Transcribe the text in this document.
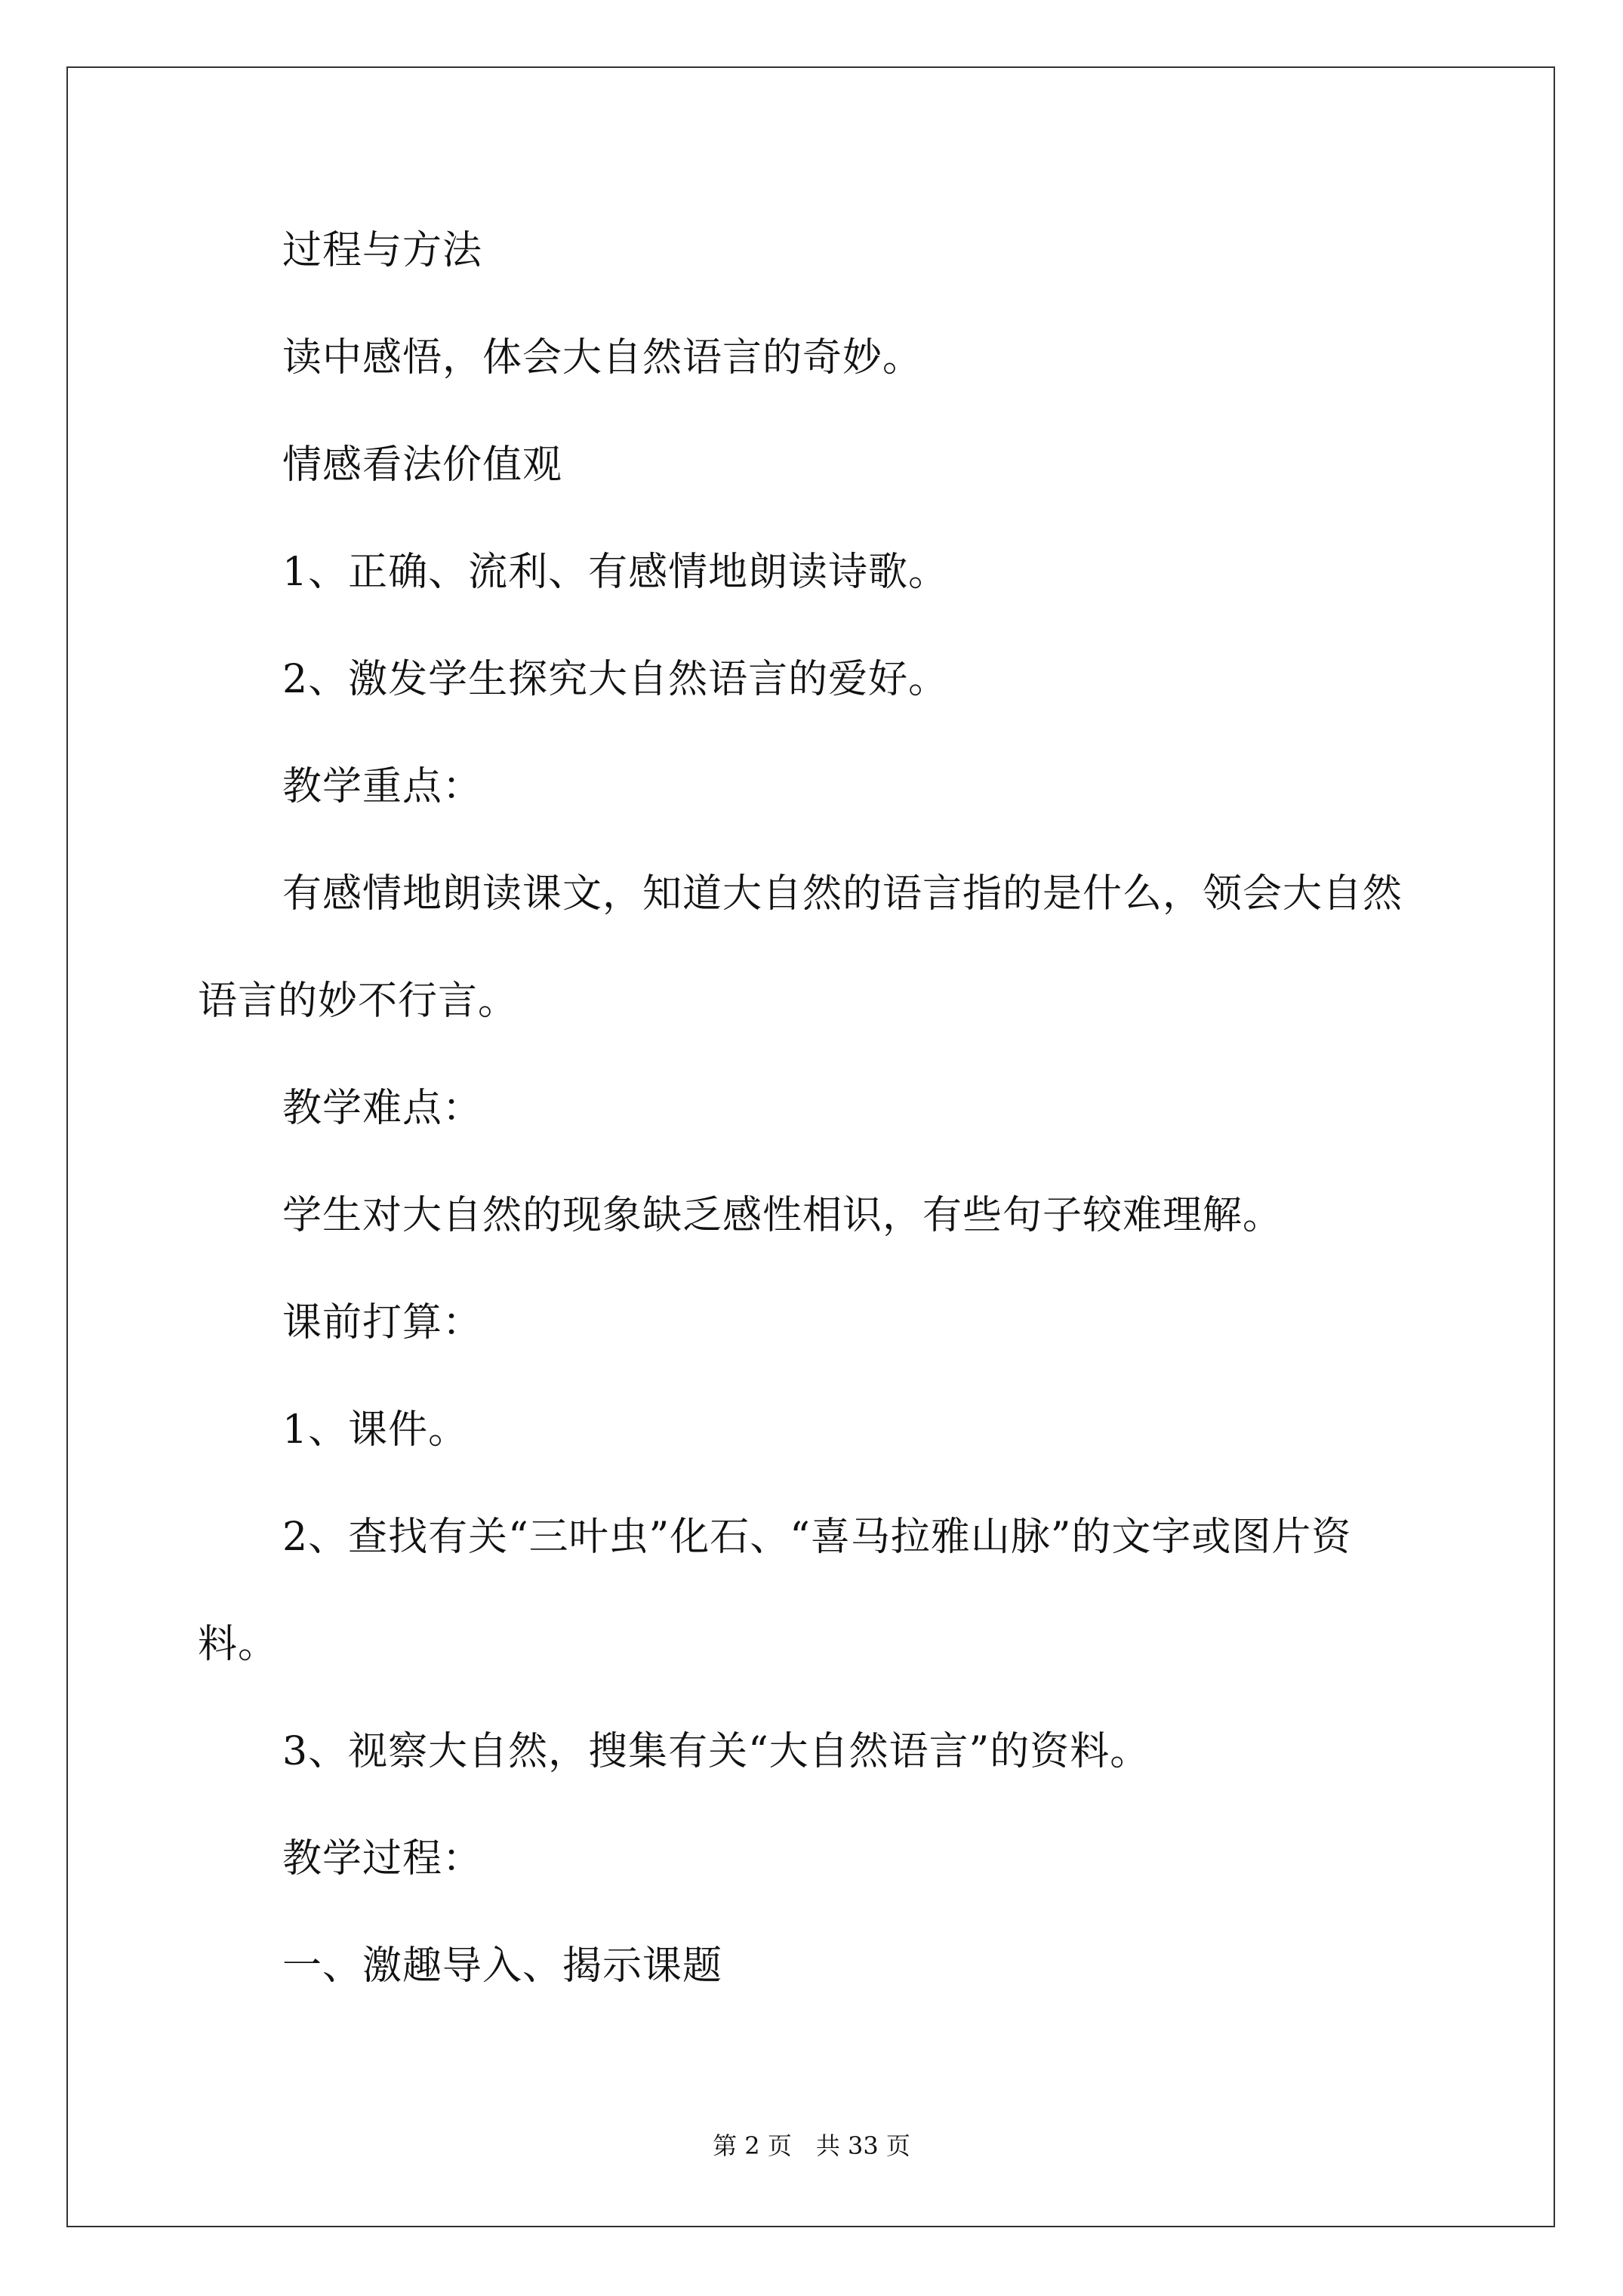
过程与方法
读中感悟，体会大自然语言的奇妙。
情感看法价值观
1、正确、流利、有感情地朗读诗歌。
2、激发学生探究大自然语言的爱好。
教学重点：
有感情地朗读课文，知道大自然的语言指的是什么，领会大自然
语言的妙不行言。
教学难点：
学生对大自然的现象缺乏感性相识，有些句子较难理解。
课前打算：
1、课件。
2、查找有关“三叶虫”化石、“喜马拉雅山脉”的文字或图片资
料。
3、视察大自然，搜集有关“大自然语言”的资料。
教学过程：
一、激趣导入、揭示课题
第 2 页　共 33 页
